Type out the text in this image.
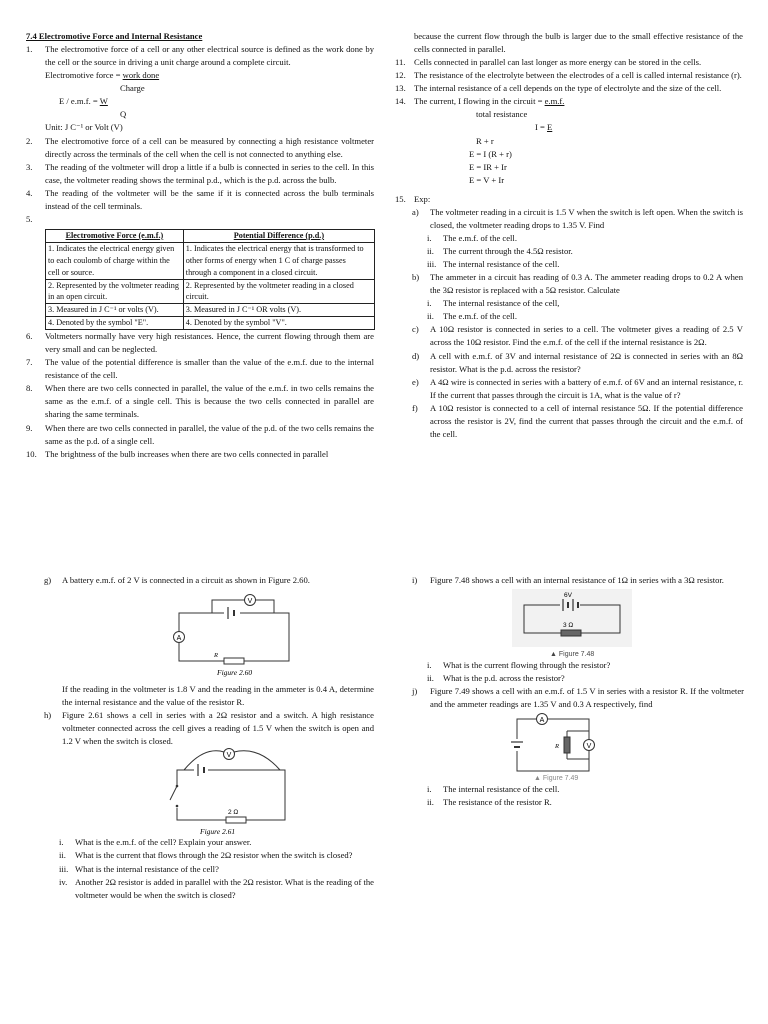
7.4 Electromotive Force and Internal Resistance
1.	The electromotive force of a cell or any other electrical source is defined as the work done by the cell or the source in driving a unit charge around a complete circuit.
Electromotive force = work done
Charge
E / e.m.f. = W
Q
Unit: J C⁻¹ or Volt (V)
2.	The electromotive force of a cell can be measured by connecting a high resistance voltmeter directly across the terminals of the cell when the cell is not connected to anything else.
3.	The reading of the voltmeter will drop a little if a bulb is connected in series to the cell. In this case, the voltmeter reading shows the terminal p.d., which is the p.d. across the bulb.
4.	The reading of the voltmeter will be the same if it is connected across the bulb terminals instead of the cell terminals.
5.
Electromotive Force (e.m.f.)	Potential Difference (p.d.)
1. Indicates the electrical energy given to each coulomb of charge within the cell or source.	1. Indicates the electrical energy that is transformed to other forms of energy when 1 C of charge passes through a component in a closed circuit.
2. Represented by the voltmeter reading in an open circuit.	2. Represented by the voltmeter reading in a closed circuit.
3. Measured in J C⁻¹ or volts (V).	3. Measured in J C⁻¹ OR volts (V).
4. Denoted by the symbol "E".	4. Denoted by the symbol "V".
6.	Voltmeters normally have very high resistances. Hence, the current flowing through them are very small and can be neglected.
7.	The value of the potential difference is smaller than the value of the e.m.f. due to the internal resistance of the cell.
8.	When there are two cells connected in parallel, the value of the e.m.f. in two cells remains the same as the e.m.f. of a single cell. This is because the two cells connected in parallel are sharing the same terminals.
9.	When there are two cells connected in parallel, the value of the p.d. of the two cells remains the same as the p.d. of a single cell.
10. The brightness of the bulb increases when there are two cells connected in parallel
because the current flow through the bulb is larger due to the small effective resistance of the cells connected in parallel.
11. Cells connected in parallel can last longer as more energy can be stored in the cells.
12. The resistance of the electrolyte between the electrodes of a cell is called internal resistance (r).
13. The internal resistance of a cell depends on the type of electrolyte and the size of the cell.
14. The current, I flowing in the circuit = e.m.f.
total resistance
I = E
R + r
E = I (R + r)
E = IR + Ir
E = V + Ir
15. Exp:
a)	The voltmeter reading in a circuit is 1.5 V when the switch is left open. When the switch is closed, the voltmeter reading drops to 1.35 V. Find
i.	The e.m.f. of the cell.
ii.	The current through the 4.5Ω resistor.
iii. The internal resistance of the cell.
b)	The ammeter in a circuit has reading of 0.3 A. The ammeter reading drops to 0.2 A when the 3Ω resistor is replaced with a 5Ω resistor. Calculate
i.	The internal resistance of the cell,
ii.	The e.m.f. of the cell.
c)	A 10Ω resistor is connected in series to a cell. The voltmeter gives a reading of 2.5 V across the 10Ω resistor. Find the e.m.f. of the cell if the internal resistance is 2Ω.
d)	A cell with e.m.f. of 3V and internal resistance of 2Ω is connected in series with an 8Ω resistor. What is the p.d. across the resistor?
e)	A 4Ω wire is connected in series with a battery of e.m.f. of 6V and an internal resistance, r. If the current that passes through the circuit is 1A, what is the value of r?
f)	A 10Ω resistor is connected to a cell of internal resistance 5Ω. If the potential difference across the resistor is 2V, find the current that passes through the circuit and the e.m.f. of the cell.
g)	A battery e.m.f. of 2 V is connected in a circuit as shown in Figure 2.60.
V
A
R
Figure 2.60
If the reading in the voltmeter is 1.8 V and the reading in the ammeter is 0.4 A, determine the internal resistance and the value of the resistor R.
h)	Figure 2.61 shows a cell in series with a 2Ω resistor and a switch. A high resistance voltmeter connected across the cell gives a reading of 1.5 V when the switch is open and 1.2 V when the switch is closed.
V
2 Ω
Figure 2.61
i.	What is the e.m.f. of the cell? Explain your answer.
ii.	What is the current that flows through the 2Ω resistor when the switch is closed?
iii. What is the internal resistance of the cell?
iv. Another 2Ω resistor is added in parallel with the 2Ω resistor. What is the reading of the voltmeter would be when the switch is closed?
i)	Figure 7.48 shows a cell with an internal resistance of 1Ω in series with a 3Ω resistor.
6V
3 Ω
▲ Figure 7.48
i.	What is the current flowing through the resistor?
ii.	What is the p.d. across the resistor?
j)	Figure 7.49 shows a cell with an e.m.f. of 1.5 V in series with a resistor R. If the voltmeter and the ammeter readings are 1.35 V and 0.3 A respectively, find
R	V
A
▲ Figure 7.49
i.	The internal resistance of the cell.
ii.	The resistance of the resistor R.
